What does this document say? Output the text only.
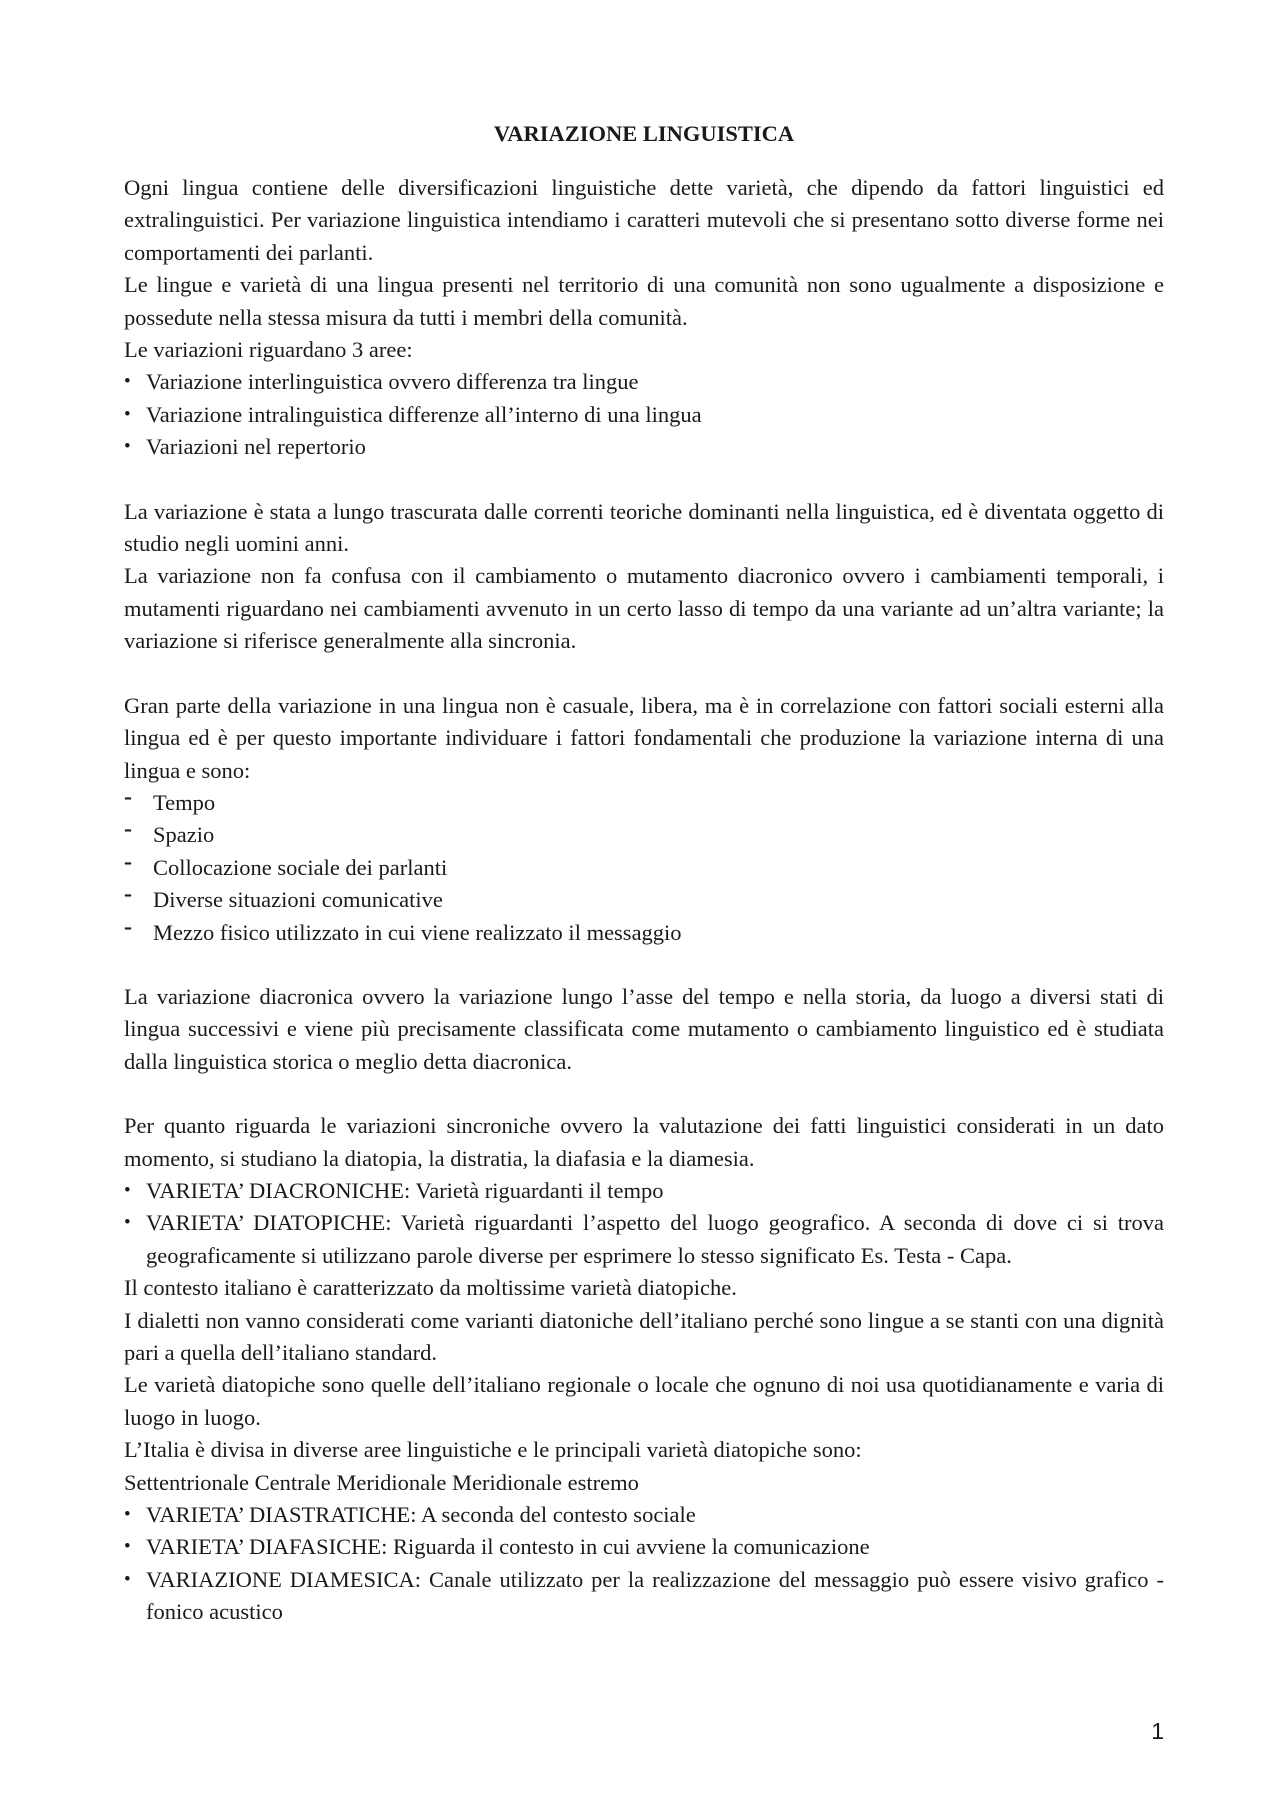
VARIAZIONE LINGUISTICA

Ogni lingua contiene delle diversificazioni linguistiche dette varietà, che dipendo da fattori linguistici ed extralinguistici. Per variazione linguistica intendiamo i caratteri mutevoli che si presentano sotto diverse forme nei comportamenti dei parlanti.

Le lingue e varietà di una lingua presenti nel territorio di una comunità non sono ugualmente a disposizione e possedute nella stessa misura da tutti i membri della comunità.

Le variazioni riguardano 3 aree:

• Variazione interlinguistica ovvero differenza tra lingue
• Variazione intralinguistica differenze all’interno di una lingua
• Variazioni nel repertorio

La variazione è stata a lungo trascurata dalle correnti teoriche dominanti nella linguistica, ed è diventata oggetto di studio negli uomini anni.

La variazione non fa confusa con il cambiamento o mutamento diacronico ovvero i cambiamenti temporali, i mutamenti riguardano nei cambiamenti avvenuto in un certo lasso di tempo da una variante ad un’altra variante; la variazione si riferisce generalmente alla sincronia.

Gran parte della variazione in una lingua non è casuale, libera, ma è in correlazione con fattori sociali esterni alla lingua ed è per questo importante individuare i fattori fondamentali che produzione la variazione interna di una lingua e sono:

- Tempo
- Spazio
- Collocazione sociale dei parlanti
- Diverse situazioni comunicative
- Mezzo fisico utilizzato in cui viene realizzato il messaggio

La variazione diacronica ovvero la variazione lungo l’asse del tempo e nella storia, da luogo a diversi stati di lingua successivi e viene più precisamente classificata come mutamento o cambiamento linguistico ed è studiata dalla linguistica storica o meglio detta diacronica.

Per quanto riguarda le variazioni sincroniche ovvero la valutazione dei fatti linguistici considerati in un dato momento, si studiano la diatopia, la distratia, la diafasia e la diamesia.

• VARIETA’ DIACRONICHE: Varietà riguardanti il tempo
• VARIETA’ DIATOPICHE: Varietà riguardanti l’aspetto del luogo geografico. A seconda di dove ci si trova geograficamente si utilizzano parole diverse per esprimere lo stesso significato Es. Testa - Capa.

Il contesto italiano è caratterizzato da moltissime varietà diatopiche.

I dialetti non vanno considerati come varianti diatoniche dell’italiano perché sono lingue a se stanti con una dignità pari a quella dell’italiano standard.

Le varietà diatopiche sono quelle dell’italiano regionale o locale che ognuno di noi usa quotidianamente e varia di luogo in luogo.

L’Italia è divisa in diverse aree linguistiche e le principali varietà diatopiche sono:

Settentrionale Centrale Meridionale Meridionale estremo

• VARIETA’ DIASTRATICHE: A seconda del contesto sociale
• VARIETA’ DIAFASICHE: Riguarda il contesto in cui avviene la comunicazione
• VARIAZIONE DIAMESICA: Canale utilizzato per la realizzazione del messaggio può essere visivo grafico - fonico acustico
1
